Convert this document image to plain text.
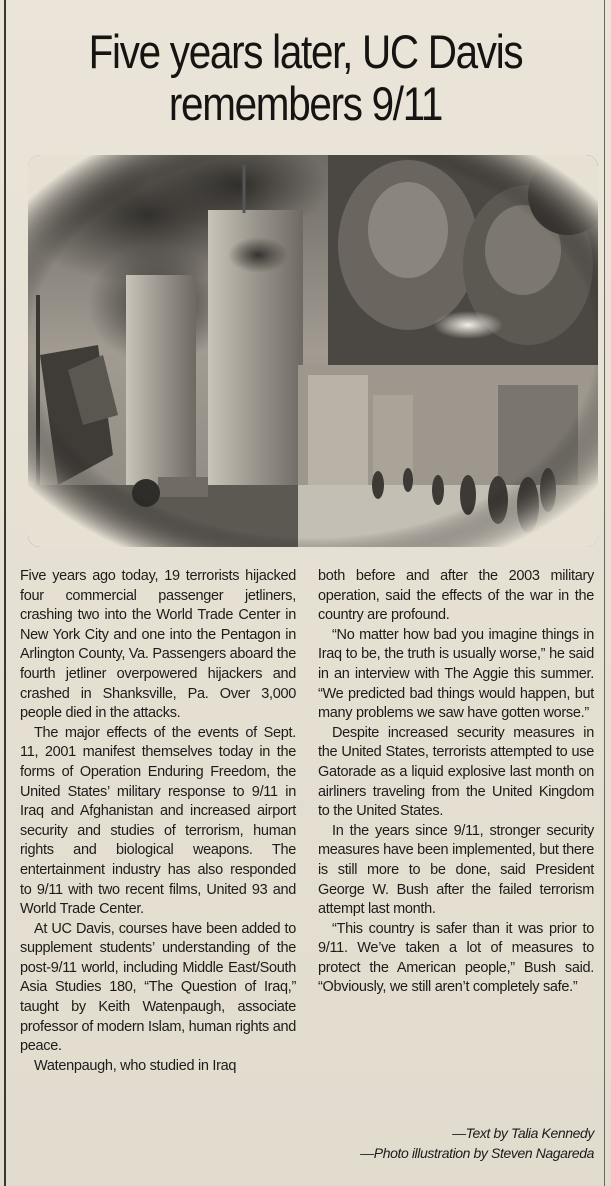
Five years later, UC Davis
remembers 9/11

Five years ago today, 19 terrorists hijacked four commercial passenger jetliners, crashing two into the World Trade Center in New York City and one into the Pentagon in Arlington County, Va. Passengers aboard the fourth jetliner overpowered hijackers and crashed in Shanksville, Pa. Over 3,000 people died in the attacks.

The major effects of the events of Sept. 11, 2001 manifest themselves today in the forms of Operation Enduring Freedom, the United States’ military response to 9/11 in Iraq and Afghanistan and increased airport security and studies of terrorism, human rights and biological weapons. The entertainment industry has also responded to 9/11 with two recent films, United 93 and World Trade Center.

At UC Davis, courses have been added to supplement students’ understanding of the post-9/11 world, including Middle East/South Asia Studies 180, “The Question of Iraq,” taught by Keith Watenpaugh, associate professor of modern Islam, human rights and peace.

Watenpaugh, who studied in Iraq

both before and after the 2003 military operation, said the effects of the war in the country are profound.

“No matter how bad you imagine things in Iraq to be, the truth is usually worse,” he said in an interview with The Aggie this summer. “We predicted bad things would happen, but many problems we saw have gotten worse.”

Despite increased security measures in the United States, terrorists attempted to use Gatorade as a liquid explosive last month on airliners traveling from the United Kingdom to the United States.

In the years since 9/11, stronger security measures have been implemented, but there is still more to be done, said President George W. Bush after the failed terrorism attempt last month.

“This country is safer than it was prior to 9/11. We’ve taken a lot of measures to protect the American people,” Bush said. “Obviously, we still aren’t completely safe.”

—Text by Talia Kennedy
—Photo illustration by Steven Nagareda
